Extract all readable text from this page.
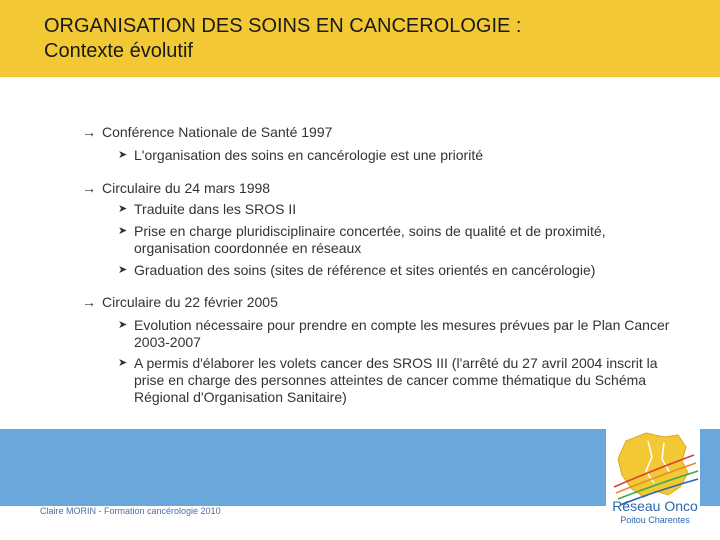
ORGANISATION DES SOINS EN CANCEROLOGIE :
Contexte évolutif
→ Conférence Nationale de Santé 1997
➤ L'organisation des soins en cancérologie est une priorité
→ Circulaire du 24 mars 1998
➤ Traduite dans les SROS II
➤ Prise en charge pluridisciplinaire concertée, soins de qualité et de proximité, organisation coordonnée en réseaux
➤ Graduation des soins (sites de référence et sites orientés en cancérologie)
→ Circulaire du 22 février 2005
➤ Evolution nécessaire pour prendre en compte les mesures prévues par le Plan Cancer 2003-2007
➤ A permis d'élaborer les volets cancer des SROS III (l'arrêté du 27 avril 2004 inscrit la prise en charge des personnes atteintes de cancer comme thématique du Schéma Régional d'Organisation Sanitaire)
Claire MORIN - Formation cancérologie 2010	Réseau Onco
Poitou Charentes
